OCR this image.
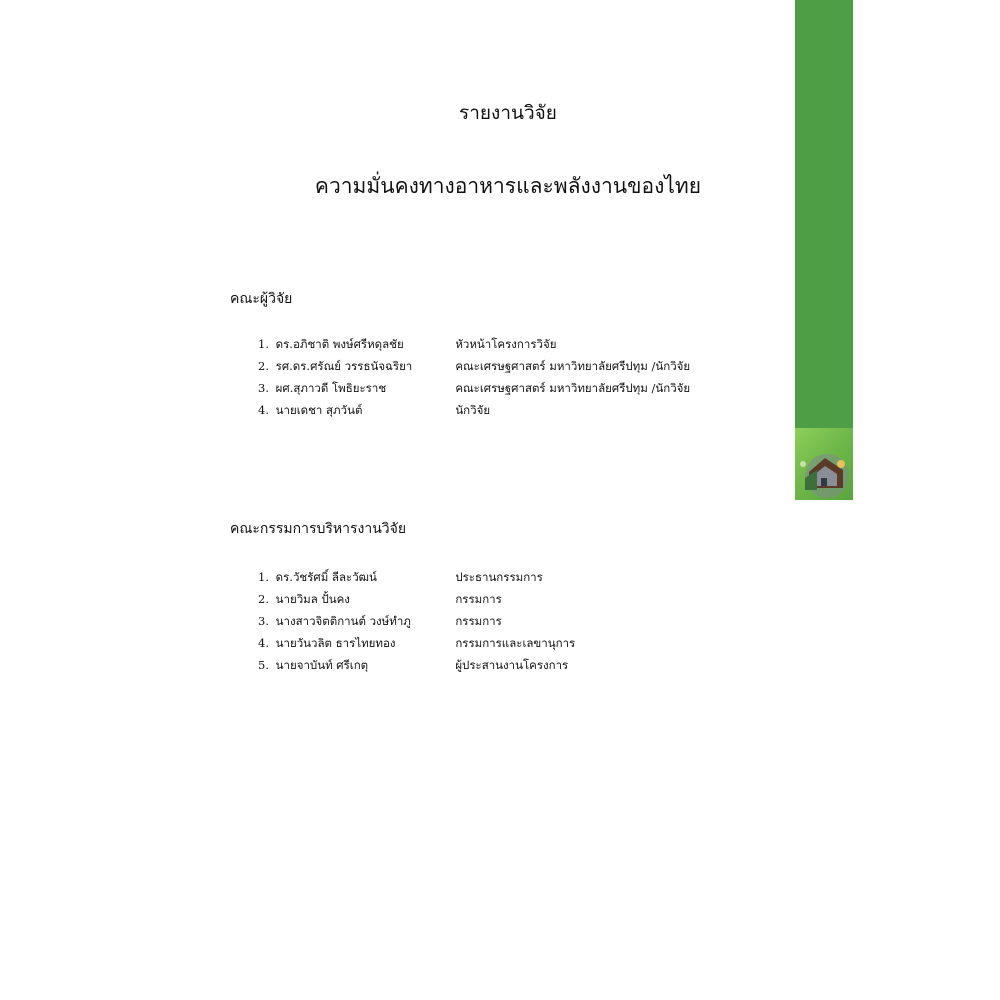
รายงานวิจัย
ความมั่นคงทางอาหารและพลังงานของไทย
คณะผู้วิจัย
1. ดร.อภิชาติ พงษ์ศรีหดุลชัย	หัวหน้าโครงการวิจัย
2. รศ.ดร.ศรัณย์ วรรธนัจฉริยา	คณะเศรษฐศาสตร์ มหาวิทยาลัยศรีปทุม /นักวิจัย
3. ผศ.สุภาวดี โพธิยะราช	คณะเศรษฐศาสตร์ มหาวิทยาลัยศรีปทุม /นักวิจัย
4. นายเดชา สุภวันต์	นักวิจัย
คณะกรรมการบริหารงานวิจัย
1. ดร.วัชรัศมิ์ ลีละวัฒน์	ประธานกรรมการ
2. นายวิมล ปั้นคง	กรรมการ
3. นางสาวจิตติกานต์ วงษ์ทำภู	กรรมการ
4. นายวันวลิต ธารไทยทอง	กรรมการและเลขานุการ
5. นายจาบันท์ ศรีเกตุ	ผู้ประสานงานโครงการ
